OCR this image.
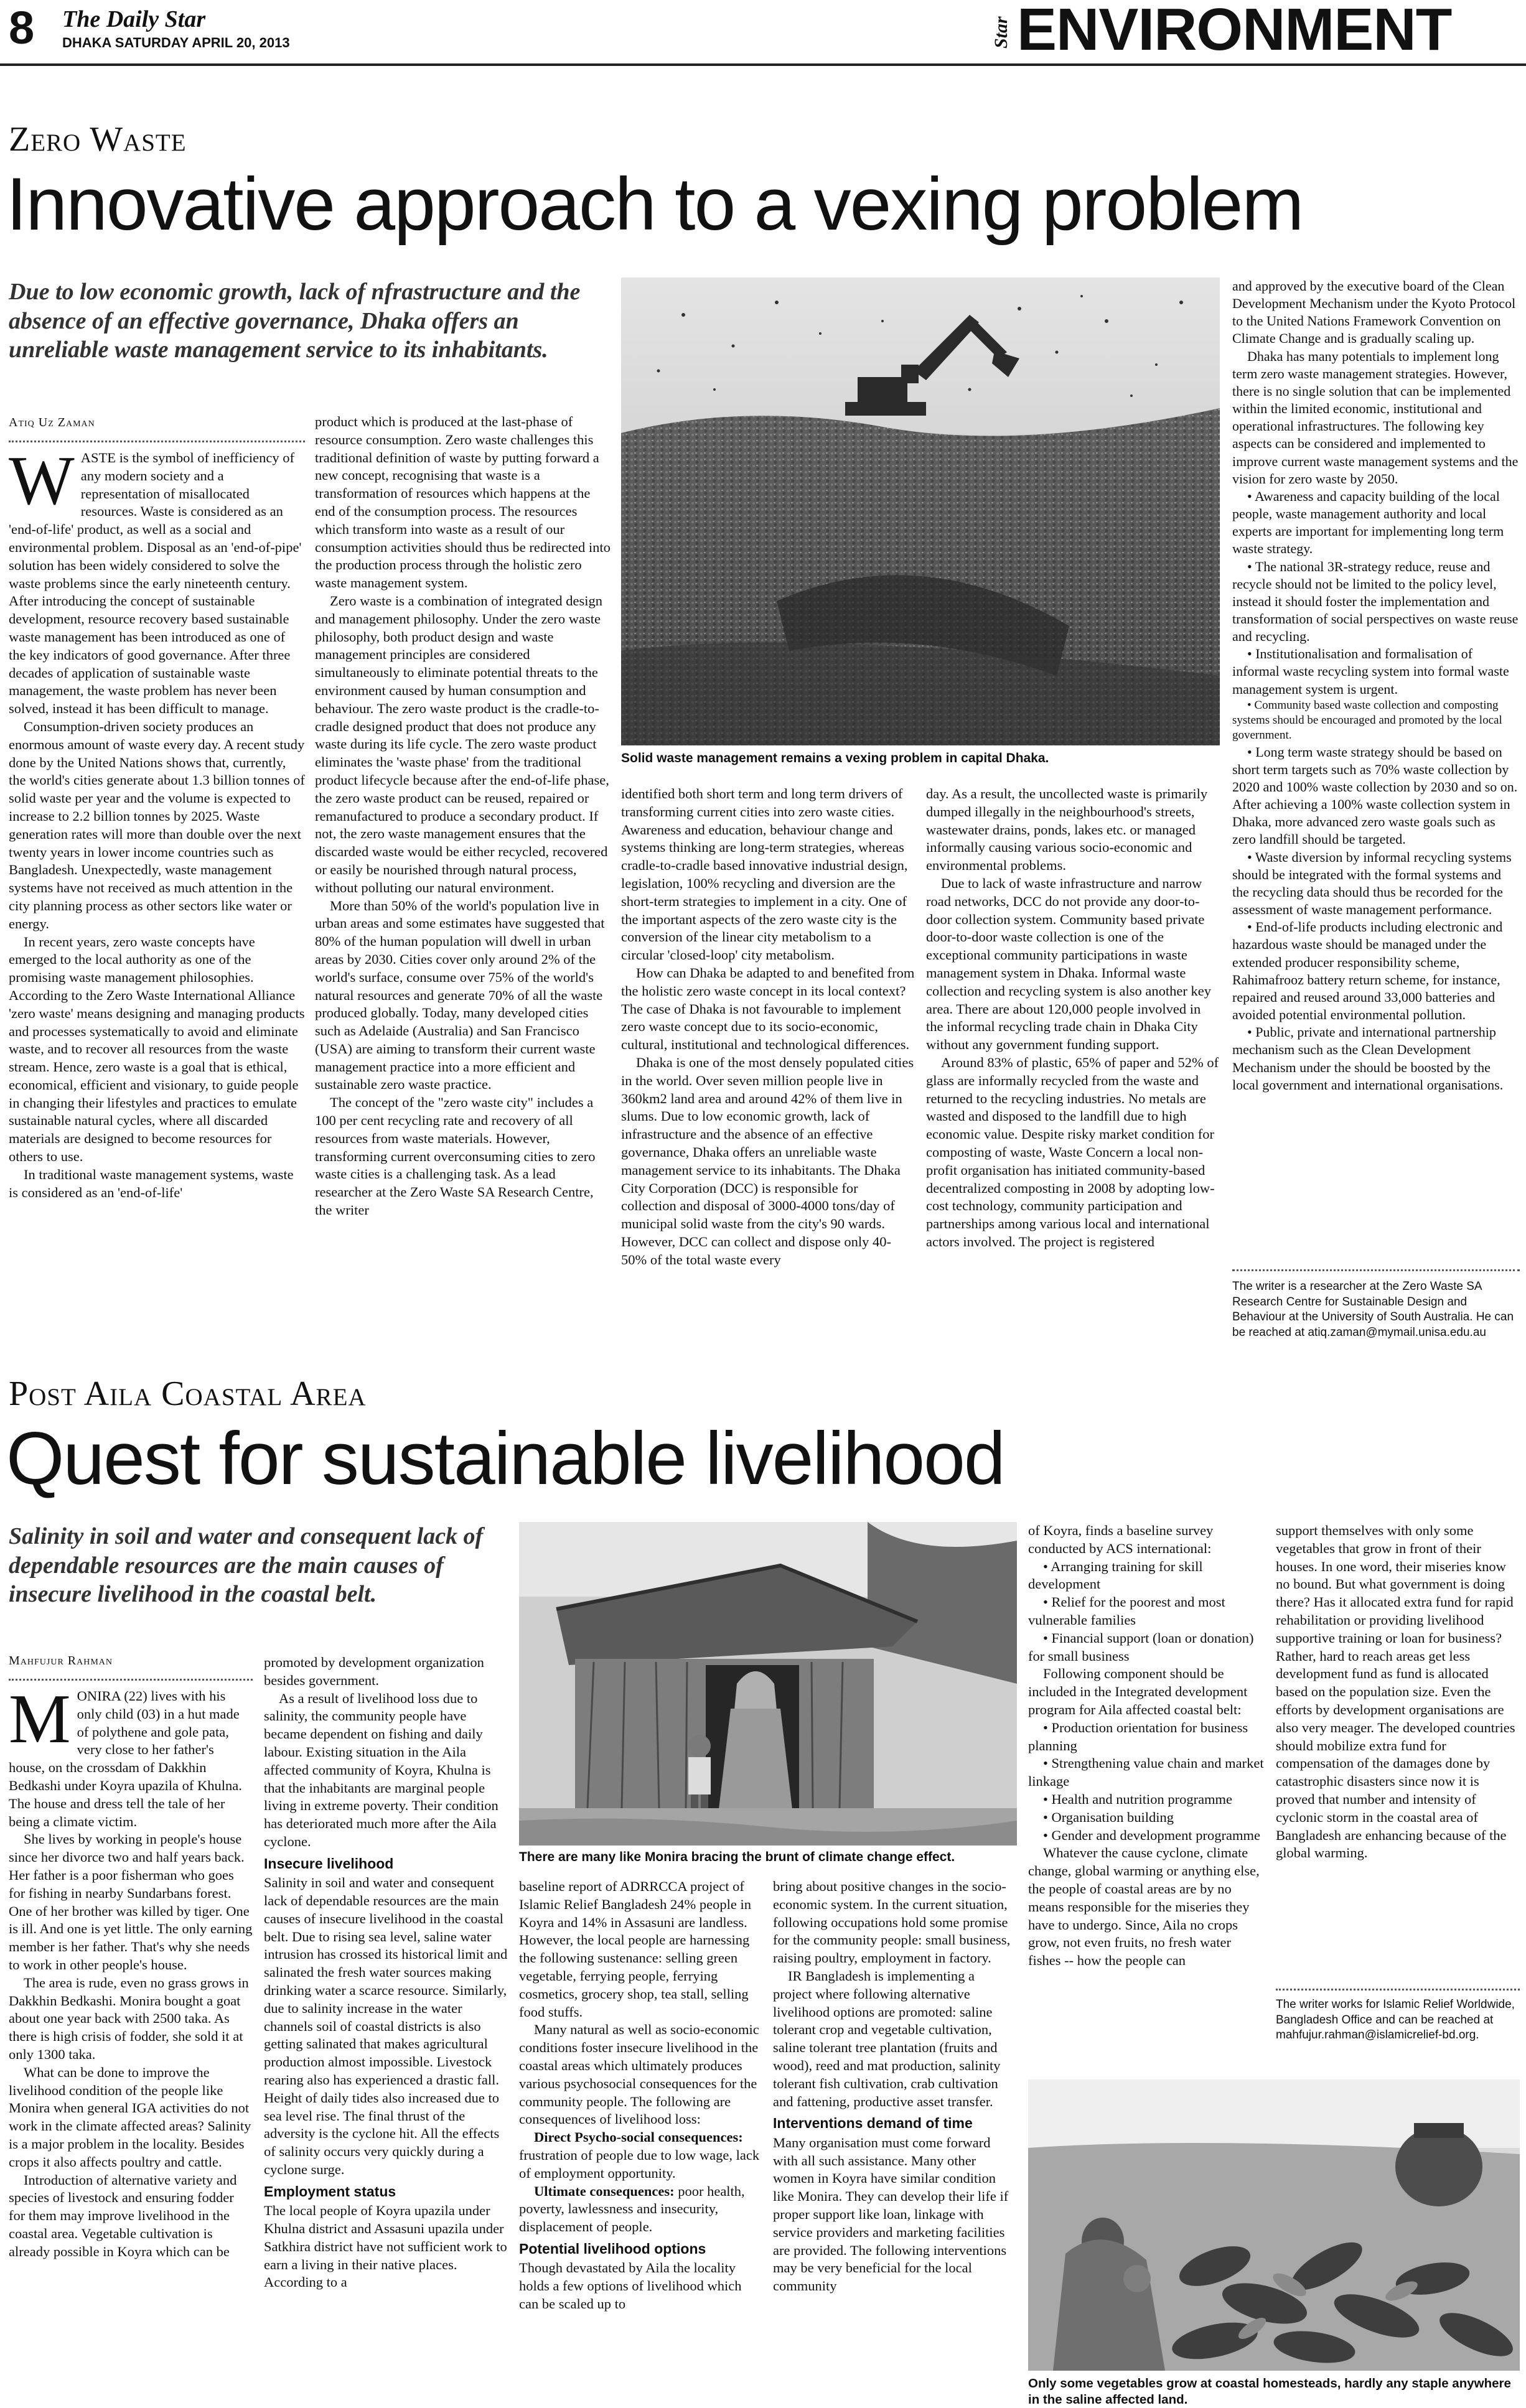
8 The Daily Star
DHAKA SATURDAY APRIL 20, 2013	Star ENVIRONMENT
Zero Waste
Innovative approach to a vexing problem
Due to low economic growth, lack of nfrastructure and the absence of an effective governance, Dhaka offers an unreliable waste management service to its inhabitants.
Atiq Uz Zaman
W ASTE is the symbol of inefficiency of any modern society and a representation of misallocated resources. Waste is considered as an 'end-of-life' product, as well as a social and environmental problem. Disposal as an 'end-of-pipe' solution has been widely considered to solve the waste problems since the early nineteenth century. After introducing the concept of sustainable development, resource recovery based sustainable waste management has been introduced as one of the key indicators of good governance. After three decades of application of sustainable waste management, the waste problem has never been solved, instead it has been difficult to manage.

Consumption-driven society produces an enormous amount of waste every day. A recent study done by the United Nations shows that, currently, the world's cities generate about 1.3 billion tonnes of solid waste per year and the volume is expected to increase to 2.2 billion tonnes by 2025. Waste generation rates will more than double over the next twenty years in lower income countries such as Bangladesh. Unexpectedly, waste management systems have not received as much attention in the city planning process as other sectors like water or energy.

In recent years, zero waste concepts have emerged to the local authority as one of the promising waste management philosophies. According to the Zero Waste International Alliance 'zero waste' means designing and managing products and processes systematically to avoid and eliminate waste, and to recover all resources from the waste stream. Hence, zero waste is a goal that is ethical, economical, efficient and visionary, to guide people in changing their lifestyles and practices to emulate sustainable natural cycles, where all discarded materials are designed to become resources for others to use.

In traditional waste management systems, waste is considered as an 'end-of-life'

product which is produced at the last-phase of resource consumption. Zero waste challenges this traditional definition of waste by putting forward a new concept, recognising that waste is a transformation of resources which happens at the end of the consumption process. The resources which transform into waste as a result of our consumption activities should thus be redirected into the production process through the holistic zero waste management system.

Zero waste is a combination of integrated design and management philosophy. Under the zero waste philosophy, both product design and waste management principles are considered simultaneously to eliminate potential threats to the environment caused by human consumption and behaviour. The zero waste product is the cradle-to-cradle designed product that does not produce any waste during its life cycle. The zero waste product eliminates the 'waste phase' from the traditional product lifecycle because after the end-of-life phase, the zero waste product can be reused, repaired or remanufactured to produce a secondary product. If not, the zero waste management ensures that the discarded waste would be either recycled, recovered or easily be nourished through natural process, without polluting our natural environment.

More than 50% of the world's population live in urban areas and some estimates have suggested that 80% of the human population will dwell in urban areas by 2030. Cities cover only around 2% of the world's surface, consume over 75% of the world's natural resources and generate 70% of all the waste produced globally. Today, many developed cities such as Adelaide (Australia) and San Francisco (USA) are aiming to transform their current waste management practice into a more efficient and sustainable zero waste practice.

The concept of the "zero waste city" includes a 100 per cent recycling rate and recovery of all resources from waste materials. However, transforming current overconsuming cities to zero waste cities is a challenging task. As a lead researcher at the Zero Waste SA Research Centre, the writer

Solid waste management remains a vexing problem in capital Dhaka.

identified both short term and long term drivers of transforming current cities into zero waste cities. Awareness and education, behaviour change and systems thinking are long-term strategies, whereas cradle-to-cradle based innovative industrial design, legislation, 100% recycling and diversion are the short-term strategies to implement in a city. One of the important aspects of the zero waste city is the conversion of the linear city metabolism to a circular 'closed-loop' city metabolism.

How can Dhaka be adapted to and benefited from the holistic zero waste concept in its local context? The case of Dhaka is not favourable to implement zero waste concept due to its socio-economic, cultural, institutional and technological differences.

Dhaka is one of the most densely populated cities in the world. Over seven million people live in 360km2 land area and around 42% of them live in slums. Due to low economic growth, lack of infrastructure and the absence of an effective governance, Dhaka offers an unreliable waste management service to its inhabitants. The Dhaka City Corporation (DCC) is responsible for collection and disposal of 3000-4000 tons/day of municipal solid waste from the city's 90 wards. However, DCC can collect and dispose only 40-50% of the total waste every

day. As a result, the uncollected waste is primarily dumped illegally in the neighbourhood's streets, wastewater drains, ponds, lakes etc. or managed informally causing various socio-economic and environmental problems.

Due to lack of waste infrastructure and narrow road networks, DCC do not provide any door-to-door collection system. Community based private door-to-door waste collection is one of the exceptional community participations in waste management system in Dhaka. Informal waste collection and recycling system is also another key area. There are about 120,000 people involved in the informal recycling trade chain in Dhaka City without any government funding support.

Around 83% of plastic, 65% of paper and 52% of glass are informally recycled from the waste and returned to the recycling industries. No metals are wasted and disposed to the landfill due to high economic value. Despite risky market condition for composting of waste, Waste Concern a local non-profit organisation has initiated community-based decentralized composting in 2008 by adopting low-cost technology, community participation and partnerships among various local and international actors involved. The project is registered

and approved by the executive board of the Clean Development Mechanism under the Kyoto Protocol to the United Nations Framework Convention on Climate Change and is gradually scaling up.

Dhaka has many potentials to implement long term zero waste management strategies. However, there is no single solution that can be implemented within the limited economic, institutional and operational infrastructures. The following key aspects can be considered and implemented to improve current waste management systems and the vision for zero waste by 2050.

• Awareness and capacity building of the local people, waste management authority and local experts are important for implementing long term waste strategy.

• The national 3R-strategy reduce, reuse and recycle should not be limited to the policy level, instead it should foster the implementation and transformation of social perspectives on waste reuse and recycling.

• Institutionalisation and formalisation of informal waste recycling system into formal waste management system is urgent.

• Community based waste collection and composting systems should be encouraged and promoted by the local government.

• Long term waste strategy should be based on short term targets such as 70% waste collection by 2020 and 100% waste collection by 2030 and so on. After achieving a 100% waste collection system in Dhaka, more advanced zero waste goals such as zero landfill should be targeted.

• Waste diversion by informal recycling systems should be integrated with the formal systems and the recycling data should thus be recorded for the assessment of waste management performance.

• End-of-life products including electronic and hazardous waste should be managed under the extended producer responsibility scheme, Rahimafrooz battery return scheme, for instance, repaired and reused around 33,000 batteries and avoided potential environmental pollution.

• Public, private and international partnership mechanism such as the Clean Development Mechanism under the should be boosted by the local government and international organisations.

The writer is a researcher at the Zero Waste SA Research Centre for Sustainable Design and Behaviour at the University of South Australia. He can be reached at atiq.zaman@mymail.unisa.edu.au
Post Aila Coastal Area
Quest for sustainable livelihood
Salinity in soil and water and consequent lack of dependable resources are the main causes of insecure livelihood in the coastal belt.
Mahfujur Rahman
M ONIRA (22) lives with his only child (03) in a hut made of polythene and gole pata, very close to her father's house, on the crossdam of Dakkhin Bedkashi under Koyra upazila of Khulna. The house and dress tell the tale of her being a climate victim.

She lives by working in people's house since her divorce two and half years back. Her father is a poor fisherman who goes for fishing in nearby Sundarbans forest. One of her brother was killed by tiger. One is ill. And one is yet little. The only earning member is her father. That's why she needs to work in other people's house.

The area is rude, even no grass grows in Dakkhin Bedkashi. Monira bought a goat about one year back with 2500 taka. As there is high crisis of fodder, she sold it at only 1300 taka.

What can be done to improve the livelihood condition of the people like Monira when general IGA activities do not work in the climate affected areas? Salinity is a major problem in the locality. Besides crops it also affects poultry and cattle.

Introduction of alternative variety and species of livestock and ensuring fodder for them may improve livelihood in the coastal area. Vegetable cultivation is already possible in Koyra which can be

promoted by development organization besides government.

As a result of livelihood loss due to salinity, the community people have became dependent on fishing and daily labour. Existing situation in the Aila affected community of Koyra, Khulna is that the inhabitants are marginal people living in extreme poverty. Their condition has deteriorated much more after the Aila cyclone.

Insecure livelihood

Salinity in soil and water and consequent lack of dependable resources are the main causes of insecure livelihood in the coastal belt. Due to rising sea level, saline water intrusion has crossed its historical limit and salinated the fresh water sources making drinking water a scarce resource. Similarly, due to salinity increase in the water channels soil of coastal districts is also getting salinated that makes agricultural production almost impossible. Livestock rearing also has experienced a drastic fall. Height of daily tides also increased due to sea level rise. The final thrust of the adversity is the cyclone hit. All the effects of salinity occurs very quickly during a cyclone surge.

Employment status

The local people of Koyra upazila under Khulna district and Assasuni upazila under Satkhira district have not sufficient work to earn a living in their native places. According to a

There are many like Monira bracing the brunt of climate change effect.

baseline report of ADRRCCA project of Islamic Relief Bangladesh 24% people in Koyra and 14% in Assasuni are landless. However, the local people are harnessing the following sustenance: selling green vegetable, ferrying people, ferrying cosmetics, grocery shop, tea stall, selling food stuffs.

Many natural as well as socio-economic conditions foster insecure livelihood in the coastal areas which ultimately produces various psychosocial consequences for the community people. The following are consequences of livelihood loss:

Direct Psycho-social consequences: frustration of people due to low wage, lack of employment opportunity.

Ultimate consequences: poor health, poverty, lawlessness and insecurity, displacement of people.

Potential livelihood options

Though devastated by Aila the locality holds a few options of livelihood which can be scaled up to

bring about positive changes in the socio-economic system. In the current situation, following occupations hold some promise for the community people: small business, raising poultry, employment in factory.

IR Bangladesh is implementing a project where following alternative livelihood options are promoted: saline tolerant crop and vegetable cultivation, saline tolerant tree plantation (fruits and wood), reed and mat production, salinity tolerant fish cultivation, crab cultivation and fattening, productive asset transfer.

Interventions demand of time

Many organisation must come forward with all such assistance. Many other women in Koyra have similar condition like Monira. They can develop their life if proper support like loan, linkage with service providers and marketing facilities are provided. The following interventions may be very beneficial for the local community

of Koyra, finds a baseline survey conducted by ACS international:

• Arranging training for skill development

• Relief for the poorest and most vulnerable families

• Financial support (loan or donation) for small business

Following component should be included in the Integrated development program for Aila affected coastal belt:

• Production orientation for business planning

• Strengthening value chain and market linkage

• Health and nutrition programme

• Organisation building

• Gender and development programme

Whatever the cause cyclone, climate change, global warming or anything else, the people of coastal areas are by no means responsible for the miseries they have to undergo. Since, Aila no crops grow, not even fruits, no fresh water fishes -- how the people can

support themselves with only some vegetables that grow in front of their houses. In one word, their miseries know no bound. But what government is doing there? Has it allocated extra fund for rapid rehabilitation or providing livelihood supportive training or loan for business? Rather, hard to reach areas get less development fund as fund is allocated based on the population size. Even the efforts by development organisations are also very meager. The developed countries should mobilize extra fund for compensation of the damages done by catastrophic disasters since now it is proved that number and intensity of cyclonic storm in the coastal area of Bangladesh are enhancing because of the global warming.

The writer works for Islamic Relief Worldwide, Bangladesh Office and can be reached at mahfujur.rahman@islamicrelief-bd.org.
Only some vegetables grow at coastal homesteads, hardly any staple anywhere in the saline affected land.
